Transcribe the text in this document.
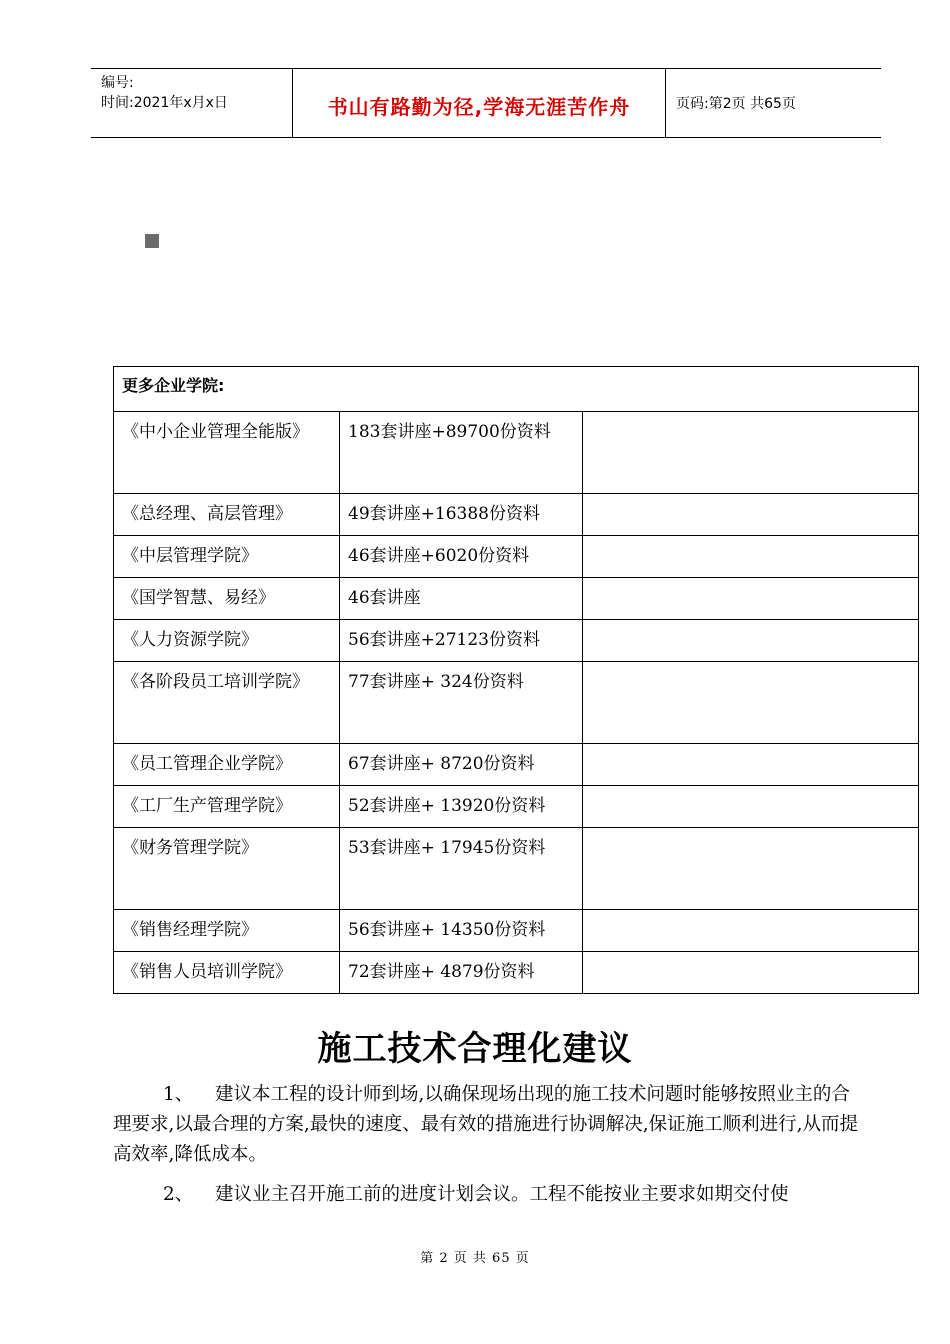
编号:
时间:2021年x月x日	书山有路勤为径,学海无涯苦作舟	页码:第2页 共65页
更多企业学院:		

《中小企业管理全能版》	183套讲座+89700份资料	

《总经理、高层管理》	49套讲座+16388份资料	

《中层管理学院》	46套讲座+6020份资料	

《国学智慧、易经》	46套讲座	

《人力资源学院》	56套讲座+27123份资料	

《各阶段员工培训学院》	77套讲座+ 324份资料	

《员工管理企业学院》	67套讲座+ 8720份资料	

《工厂生产管理学院》	52套讲座+ 13920份资料	

《财务管理学院》	53套讲座+ 17945份资料	

《销售经理学院》	56套讲座+ 14350份资料	

《销售人员培训学院》	72套讲座+ 4879份资料	

施工技术合理化建议
1、 建议本工程的设计师到场,以确保现场出现的施工技术问题时能够按照业主的合理要求,以最合理的方案,最快的速度、最有效的措施进行协调解决,保证施工顺利进行,从而提高效率,降低成本。
2、 建议业主召开施工前的进度计划会议。工程不能按业主要求如期交付使
第 2 页 共 65 页
